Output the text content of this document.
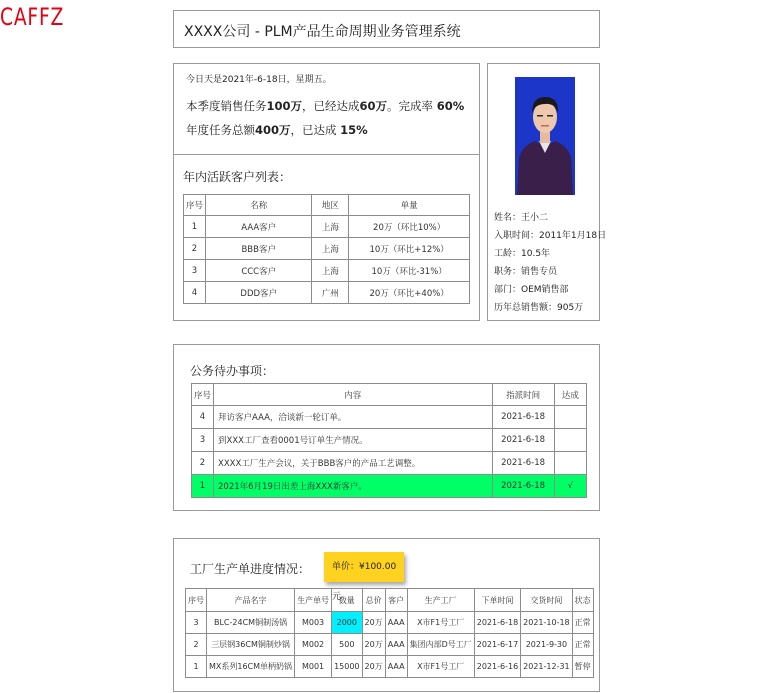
CAFFZ
XXXX公司 - PLM产品生命周期业务管理系统
今日天是2021年-6-18日，星期五。
本季度销售任务100万，已经达成60万。完成率 60%
年度任务总额400万，已达成 15%
年内活跃客户列表：
序号	名称	地区	单量
1	AAA客户	上海	20万（环比10%）
2	BBB客户	上海	10万（环比+12%）
3	CCC客户	上海	10万（环比-31%）
4	DDD客户	广州	20万（环比+40%）
姓名：王小二
入职时间：2011年1月18日
工龄：10.5年
职务：销售专员
部门：OEM销售部
历年总销售额：905万
公务待办事项：
序号	内容	指派时间	达成
4	拜访客户AAA，洽谈新一轮订单。	2021-6-18	
3	到XXX工厂查看0001号订单生产情况。	2021-6-18	
2	XXXX工厂生产会议，关于BBB客户的产品工艺调整。	2021-6-18	
1	2021年6月19日出差上海XXX新客户。	2021-6-18	√
工厂生产单进度情况：	单价：¥100.00元
序号	产品名字	生产单号	数量	总价	客户	生产工厂	下单时间	交货时间	状态
3	BLC-24CM铜制汤锅	M003	2000	20万	AAA	X市F1号工厂	2021-6-18	2021-10-18	正常
2	三层钢36CM铜制炒锅	M002	500	20万	AAA	集团内部D号工厂	2021-6-17	2021-9-30	正常
1	MX系列16CM单柄奶锅	M001	15000	20万	AAA	X市F1号工厂	2021-6-16	2021-12-31	暂停
